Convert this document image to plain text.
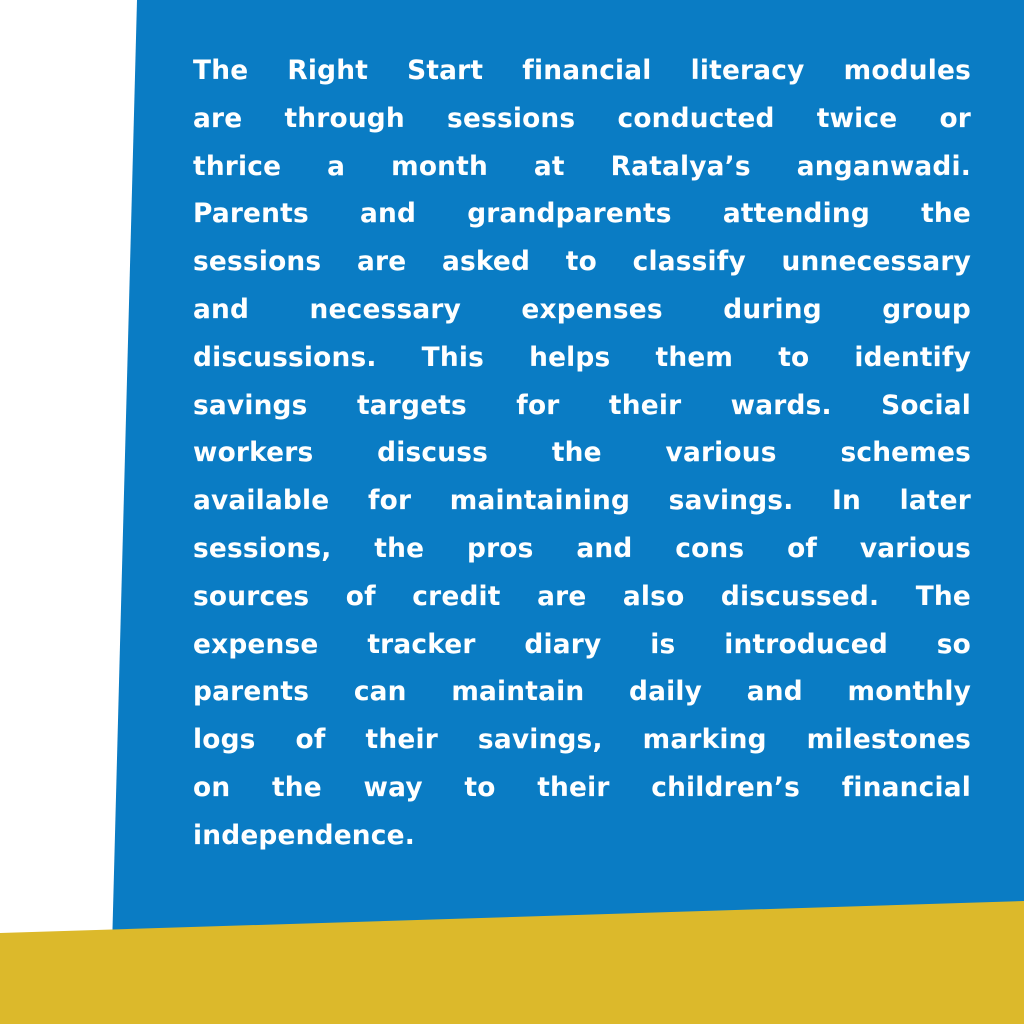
The Right Start financial literacy modules
are through sessions conducted twice or
thrice a month at Ratalya’s anganwadi.
Parents and grandparents attending the
sessions are asked to classify unnecessary
and necessary expenses during group
discussions. This helps them to identify
savings targets for their wards. Social
workers discuss the various schemes
available for maintaining savings. In later
sessions, the pros and cons of various
sources of credit are also discussed. The
expense tracker diary is introduced so
parents can maintain daily and monthly
logs of their savings, marking milestones
on the way to their children’s financial
independence.
